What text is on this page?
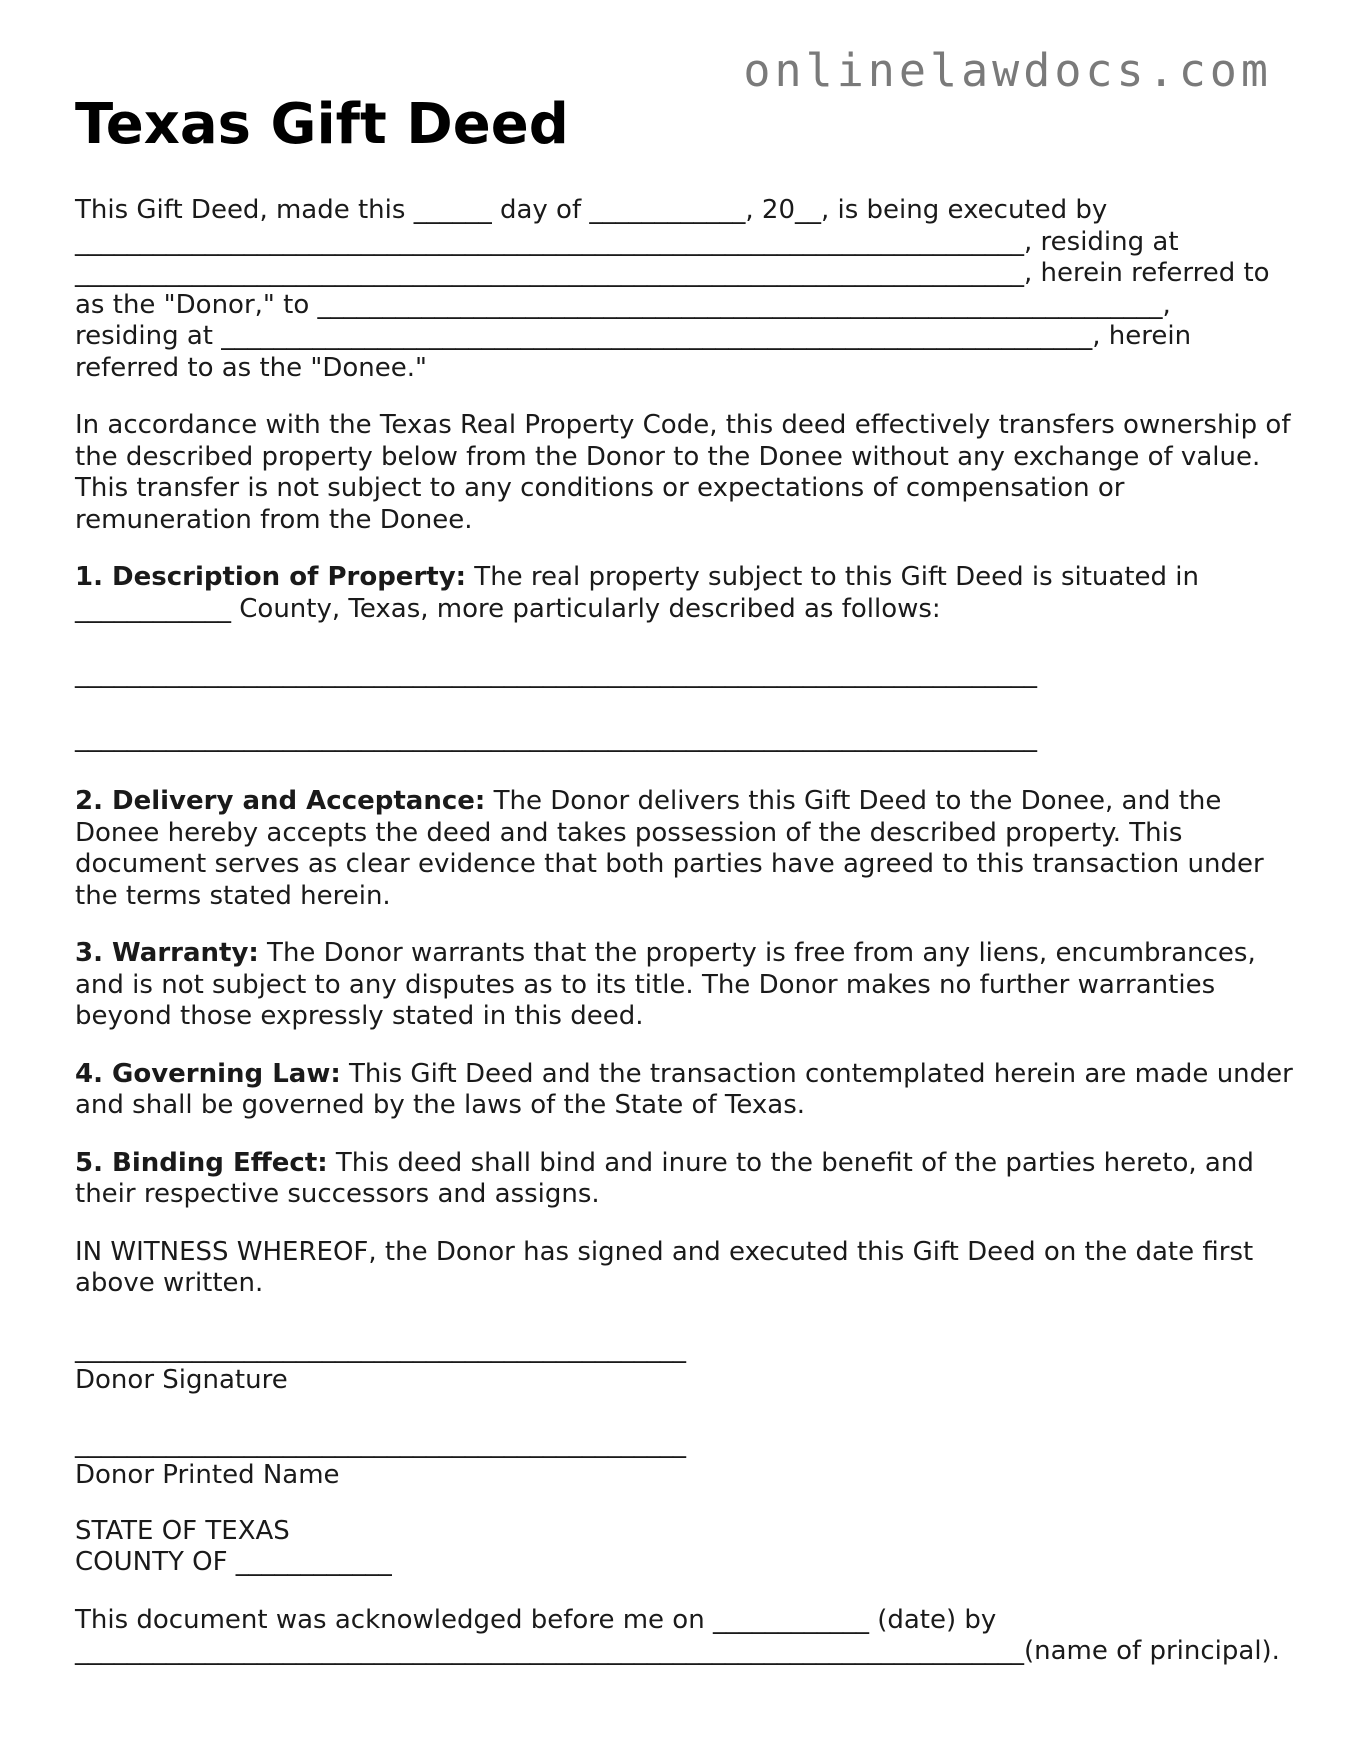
onlinelawdocs.com
Texas Gift Deed

This Gift Deed, made this ______ day of ____________, 20__, is being executed by
_________________________________________________________________________, residing at
_________________________________________________________________________, herein referred to
as the "Donor," to _________________________________________________________________,
residing at ___________________________________________________________________, herein
referred to as the "Donee."

In accordance with the Texas Real Property Code, this deed effectively transfers ownership of the described property below from the Donor to the Donee without any exchange of value. This transfer is not subject to any conditions or expectations of compensation or remuneration from the Donee.

1. Description of Property: The real property subject to this Gift Deed is situated in
____________ County, Texas, more particularly described as follows:

__________________________________________________________________________
__________________________________________________________________________

2. Delivery and Acceptance: The Donor delivers this Gift Deed to the Donee, and the Donee hereby accepts the deed and takes possession of the described property. This document serves as clear evidence that both parties have agreed to this transaction under the terms stated herein.

3. Warranty: The Donor warrants that the property is free from any liens, encumbrances, and is not subject to any disputes as to its title. The Donor makes no further warranties beyond those expressly stated in this deed.

4. Governing Law: This Gift Deed and the transaction contemplated herein are made under and shall be governed by the laws of the State of Texas.

5. Binding Effect: This deed shall bind and inure to the benefit of the parties hereto, and their respective successors and assigns.

IN WITNESS WHEREOF, the Donor has signed and executed this Gift Deed on the date first above written.

_______________________________________________
Donor Signature
_______________________________________________
Donor Printed Name

STATE OF TEXAS
COUNTY OF ____________

This document was acknowledged before me on ____________ (date) by
_________________________________________________________________________(name of principal).
